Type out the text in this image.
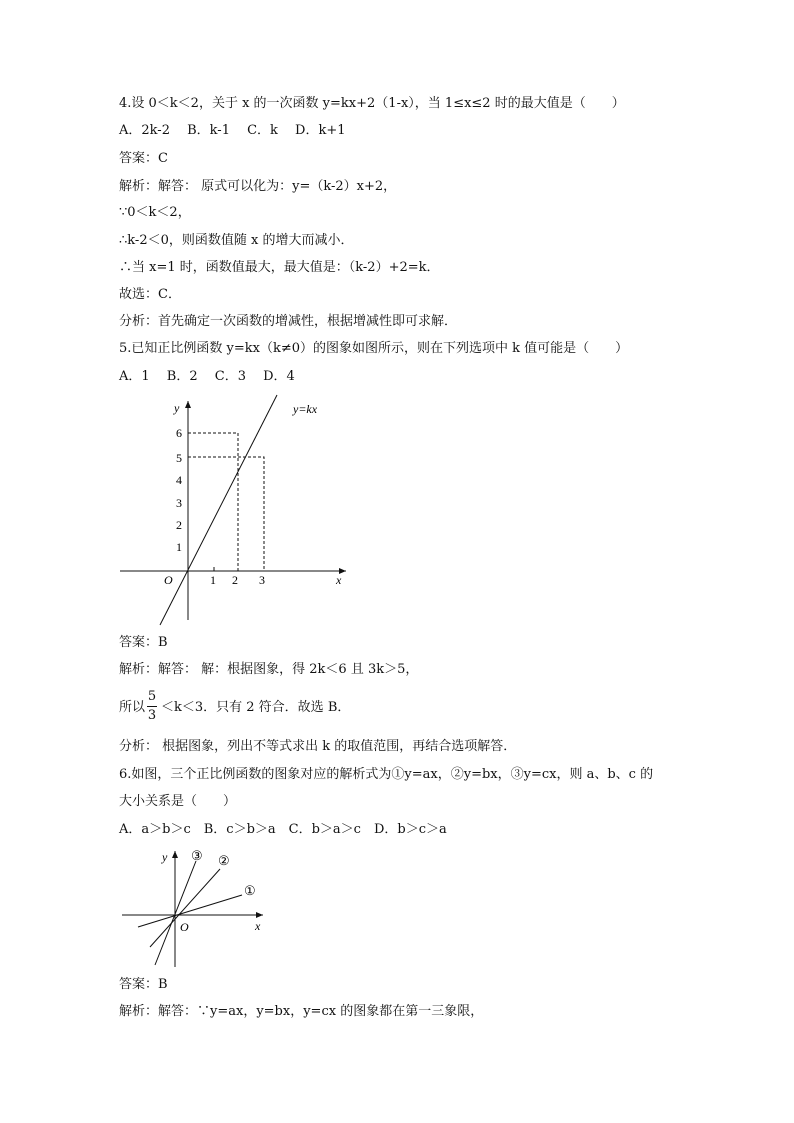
4.设 0＜k＜2，关于 x 的一次函数 y=kx+2（1-x），当 1≤x≤2 时的最大值是（　　）
A．2k-2　 B．k-1　 C．k　 D．k+1
答案：C
解析：解答： 原式可以化为：y=（k-2）x+2，
∵0＜k＜2，
∴k-2＜0，则函数值随 x 的增大而减小．
∴当 x=1 时，函数值最大，最大值是：（k-2）+2=k．
故选：C．
分析：首先确定一次函数的增减性，根据增减性即可求解．
5.已知正比例函数 y=kx（k≠0）的图象如图所示，则在下列选项中 k 值可能是（　　）
A．1　 B．2　 C．3　 D．4
y
x
O
6
5
4
3
2
1
1 2 3
y=kx
答案：B
解析：解答： 解：根据图象，得 2k＜6 且 3k＞5，
所以
5
3
＜k＜3．只有 2 符合．故选 B．
分析： 根据图象，列出不等式求出 k 的取值范围，再结合选项解答．
6.如图，三个正比例函数的图象对应的解析式为①y=ax，②y=bx，③y=cx，则 a、b、c 的
大小关系是（　　）
A．a＞b＞c　B．c＞b＞a　C．b＞a＞c　D．b＞c＞a
y
x
O
③ ②
①
答案：B
解析：解答：∵y=ax，y=bx，y=cx 的图象都在第一三象限，
